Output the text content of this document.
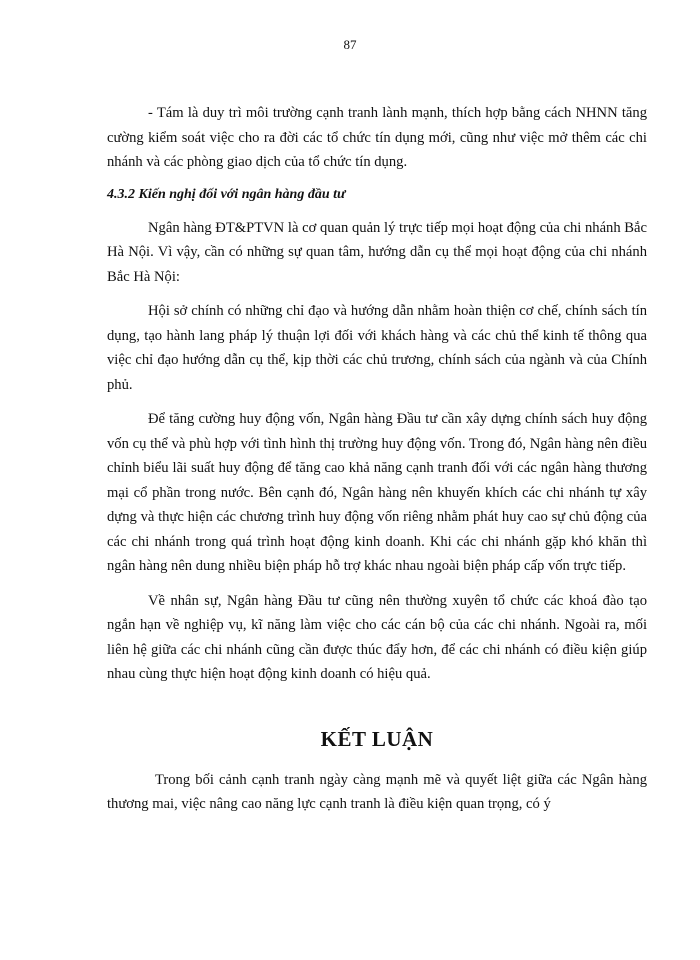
87

- Tám là duy trì môi trường cạnh tranh lành mạnh, thích hợp bằng cách NHNN tăng cường kiểm soát việc cho ra đời các tổ chức tín dụng mới, cũng như việc mở thêm các chi nhánh và các phòng giao dịch của tổ chức tín dụng.

4.3.2 Kiến nghị đối với ngân hàng đầu tư

Ngân hàng ĐT&PTVN là cơ quan quản lý trực tiếp mọi hoạt động của chi nhánh Bắc Hà Nội. Vì vậy, cần có những sự quan tâm, hướng dẫn cụ thể mọi hoạt động của chi nhánh Bắc Hà Nội:

Hội sở chính có những chỉ đạo và hướng dẫn nhằm hoàn thiện cơ chế, chính sách tín dụng, tạo hành lang pháp lý thuận lợi đối với khách hàng và các chủ thể kinh tế thông qua việc chỉ đạo hướng dẫn cụ thể, kịp thời các chủ trương, chính sách của ngành và của Chính phủ.

Để tăng cường huy động vốn, Ngân hàng Đầu tư cần xây dựng chính sách huy động vốn cụ thể và phù hợp với tình hình thị trường huy động vốn. Trong đó, Ngân hàng nên điều chỉnh biểu lãi suất huy động để tăng cao khả năng cạnh tranh đối với các ngân hàng thương mại cổ phần trong nước. Bên cạnh đó, Ngân hàng nên khuyến khích các chi nhánh tự xây dựng và thực hiện các chương trình huy động vốn riêng nhằm phát huy cao sự chủ động của các chi nhánh trong quá trình hoạt động kinh doanh. Khi các chi nhánh gặp khó khăn thì ngân hàng nên dung nhiều biện pháp hỗ trợ khác nhau ngoài biện pháp cấp vốn trực tiếp.

Về nhân sự, Ngân hàng Đầu tư cũng nên thường xuyên tổ chức các khoá đào tạo ngắn hạn về nghiệp vụ, kĩ năng làm việc cho các cán bộ của các chi nhánh. Ngoài ra, mối liên hệ giữa các chi nhánh cũng cần được thúc đẩy hơn, để các chi nhánh có điều kiện giúp nhau cùng thực hiện hoạt động kinh doanh có hiệu quả.

KẾT LUẬN

Trong bối cảnh cạnh tranh ngày càng mạnh mẽ và quyết liệt giữa các Ngân hàng thương mai, việc nâng cao năng lực cạnh tranh là điều kiện quan trọng, có ý
